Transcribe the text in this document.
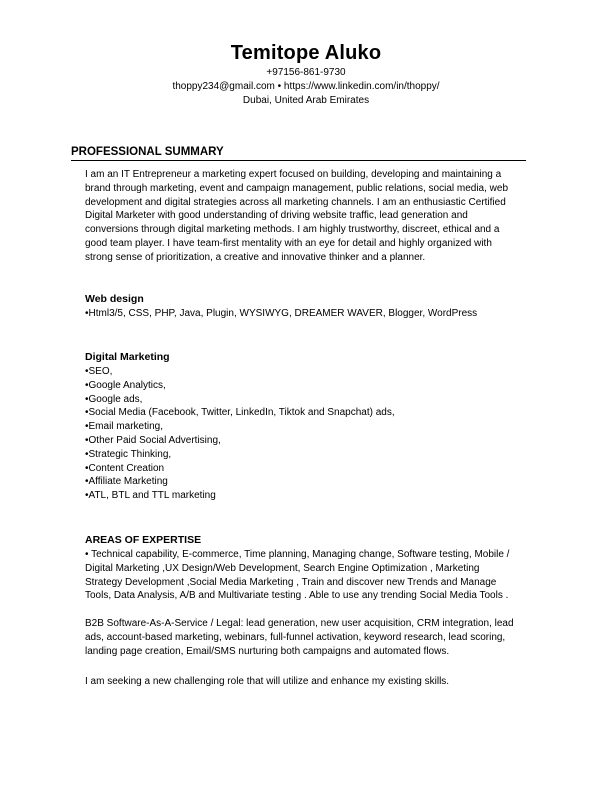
Temitope Aluko
+97156-861-9730
thoppy234@gmail.com • https://www.linkedin.com/in/thoppy/
Dubai, United Arab Emirates
PROFESSIONAL SUMMARY
I am an IT Entrepreneur a marketing expert focused on building, developing and maintaining a
brand through marketing, event and campaign management, public relations, social media, web
development and digital strategies across all marketing channels. I am an enthusiastic Certified
Digital Marketer with good understanding of driving website traffic, lead generation and
conversions through digital marketing methods. I am highly trustworthy, discreet, ethical and a
good team player. I have team-first mentality with an eye for detail and highly organized with
strong sense of prioritization, a creative and innovative thinker and a planner.
Web design
• Html3/5, CSS, PHP, Java, Plugin, WYSIWYG, DREAMER WAVER, Blogger, WordPress
Digital Marketing
• SEO,
• Google Analytics,
• Google ads,
• Social Media (Facebook, Twitter, LinkedIn, Tiktok and Snapchat) ads,
• Email marketing,
• Other Paid Social Advertising,
• Strategic Thinking,
• Content Creation
• Affiliate Marketing
• ATL, BTL and TTL marketing
AREAS OF EXPERTISE
• Technical capability, E-commerce, Time planning, Managing change, Software testing, Mobile /
Digital Marketing ,UX Design/Web Development, Search Engine Optimization , Marketing
Strategy Development ,Social Media Marketing , Train and discover new Trends and Manage
Tools, Data Analysis, A/B and Multivariate testing . Able to use any trending Social Media Tools .
B2B Software-As-A-Service / Legal: lead generation, new user acquisition, CRM integration, lead
ads, account-based marketing, webinars, full-funnel activation, keyword research, lead scoring,
landing page creation, Email/SMS nurturing both campaigns and automated flows.
I am seeking a new challenging role that will utilize and enhance my existing skills.
